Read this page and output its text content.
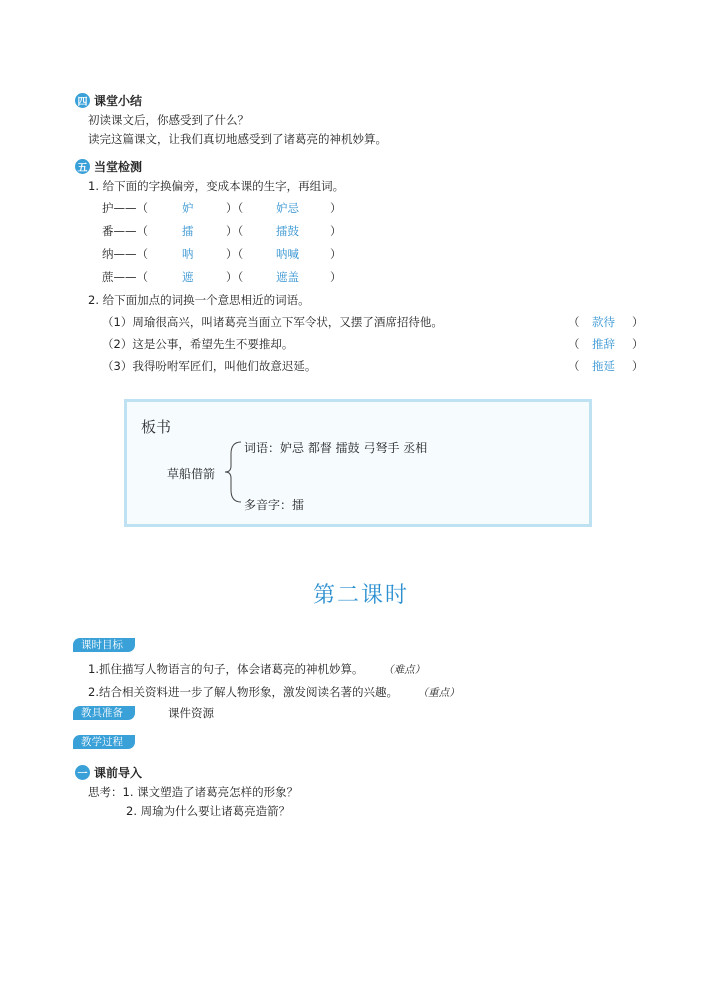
四 课堂小结
初读课文后，你感受到了什么？
读完这篇课文，让我们真切地感受到了诸葛亮的神机妙算。
五 当堂检测
1. 给下面的字换偏旁，变成本课的生字，再组词。
护——（	妒	）（	妒忌	）
番——（	擂	）（	擂鼓	）
纳——（	呐	）（	呐喊	）
蔗——（	遮	）（	遮盖	）
2. 给下面加点的词换一个意思相近的词语。
（1）周瑜很高兴，叫诸葛亮当面立下军令状，又摆了酒席招待他。	（ 款待 ）
（2）这是公事，希望先生不要推却。	（ 推辞 ）
（3）我得吩咐军匠们，叫他们故意迟延。	（ 拖延 ）
板书
草船借箭
词语：妒忌 都督 擂鼓 弓弩手 丞相
多音字：擂
第二课时
课时目标
1.抓住描写人物语言的句子，体会诸葛亮的神机妙算。 （难点）
2.结合相关资料进一步了解人物形象，激发阅读名著的兴趣。 （重点）
教具准备	课件资源
教学过程
一 课前导入
思考：1. 课文塑造了诸葛亮怎样的形象？
2. 周瑜为什么要让诸葛亮造箭？
